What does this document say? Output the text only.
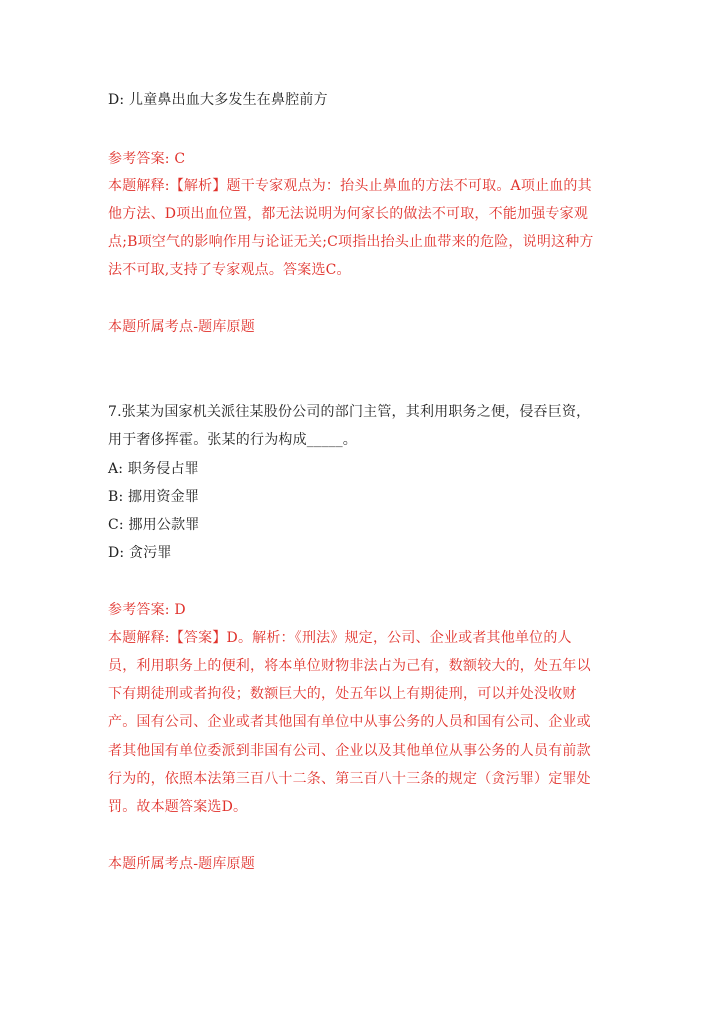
D: 儿童鼻出血大多发生在鼻腔前方
参考答案: C
本题解释:【解析】题干专家观点为：抬头止鼻血的方法不可取。A项止血的其
他方法、D项出血位置，都无法说明为何家长的做法不可取，不能加强专家观
点;B项空气的影响作用与论证无关;C项指出抬头止血带来的危险，说明这种方
法不可取,支持了专家观点。答案选C。
本题所属考点-题库原题
7.张某为国家机关派往某股份公司的部门主管，其利用职务之便，侵吞巨资，
用于奢侈挥霍。张某的行为构成_____。
A: 职务侵占罪
B: 挪用资金罪
C: 挪用公款罪
D: 贪污罪
参考答案: D
本题解释:【答案】D。解析：《刑法》规定，公司、企业或者其他单位的人
员，利用职务上的便利，将本单位财物非法占为己有，数额较大的，处五年以
下有期徒刑或者拘役；数额巨大的，处五年以上有期徒刑，可以并处没收财
产。国有公司、企业或者其他国有单位中从事公务的人员和国有公司、企业或
者其他国有单位委派到非国有公司、企业以及其他单位从事公务的人员有前款
行为的，依照本法第三百八十二条、第三百八十三条的规定（贪污罪）定罪处
罚。故本题答案选D。
本题所属考点-题库原题
